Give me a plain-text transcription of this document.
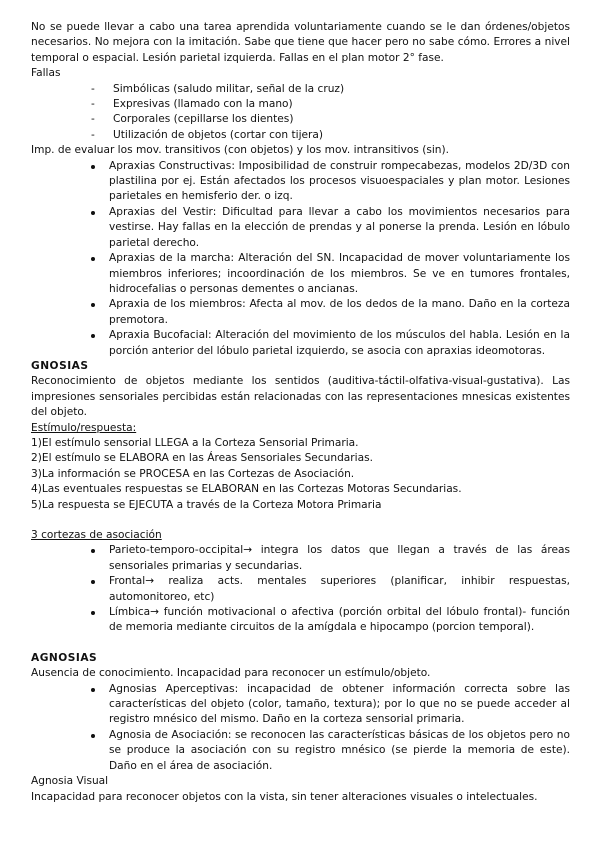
No se puede llevar a cabo una tarea aprendida voluntariamente cuando se le dan órdenes/objetos necesarios. No mejora con la imitación. Sabe que tiene que hacer pero no sabe cómo. Errores a nivel temporal o espacial. Lesión parietal izquierda. Fallas en el plan motor 2° fase.

Fallas

- Simbólicas (saludo militar, señal de la cruz)
- Expresivas (llamado con la mano)
- Corporales (cepillarse los dientes)
- Utilización de objetos (cortar con tijera)

Imp. de evaluar los mov. transitivos (con objetos) y los mov. intransitivos (sin).

Apraxias Constructivas: Imposibilidad de construir rompecabezas, modelos 2D/3D con plastilina por ej. Están afectados los procesos visuoespaciales y plan motor. Lesiones parietales en hemisferio der. o izq.
Apraxias del Vestir: Dificultad para llevar a cabo los movimientos necesarios para vestirse. Hay fallas en la elección de prendas y al ponerse la prenda. Lesión en lóbulo parietal derecho.
Apraxias de la marcha: Alteración del SN. Incapacidad de mover voluntariamente los miembros inferiores; incoordinación de los miembros. Se ve en tumores frontales, hidrocefalias o personas dementes o ancianas.
Apraxia de los miembros: Afecta al mov. de los dedos de la mano. Daño en la corteza premotora.
Apraxia Bucofacial: Alteración del movimiento de los músculos del habla. Lesión en la porción anterior del lóbulo parietal izquierdo, se asocia con apraxias ideomotoras.

GNOSIAS

Reconocimiento de objetos mediante los sentidos (auditiva-táctil-olfativa-visual-gustativa). Las impresiones sensoriales percibidas están relacionadas con las representaciones mnesicas existentes del objeto.

Estímulo/respuesta:

1)El estímulo sensorial LLEGA a la Corteza Sensorial Primaria.

2)El estímulo se ELABORA en las Áreas Sensoriales Secundarias.

3)La información se PROCESA en las Cortezas de Asociación.

4)Las eventuales respuestas se ELABORAN en las Cortezas Motoras Secundarias.

5)La respuesta se EJECUTA a través de la Corteza Motora Primaria

3 cortezas de asociación

Parieto-temporo-occipital→ integra los datos que llegan a través de las áreas sensoriales primarias y secundarias.
Frontal→ realiza acts. mentales superiores (planificar, inhibir respuestas, automonitoreo, etc)
Límbica→ función motivacional o afectiva (porción orbital del lóbulo frontal)- función de memoria mediante circuitos de la amígdala e hipocampo (porcion temporal).

AGNOSIAS

Ausencia de conocimiento. Incapacidad para reconocer un estímulo/objeto.

Agnosias Aperceptivas: incapacidad de obtener información correcta sobre las características del objeto (color, tamaño, textura); por lo que no se puede acceder al registro mnésico del mismo. Daño en la corteza sensorial primaria.
Agnosia de Asociación: se reconocen las características básicas de los objetos pero no se produce la asociación con su registro mnésico (se pierde la memoria de este). Daño en el área de asociación.

Agnosia Visual

Incapacidad para reconocer objetos con la vista, sin tener alteraciones visuales o intelectuales.
